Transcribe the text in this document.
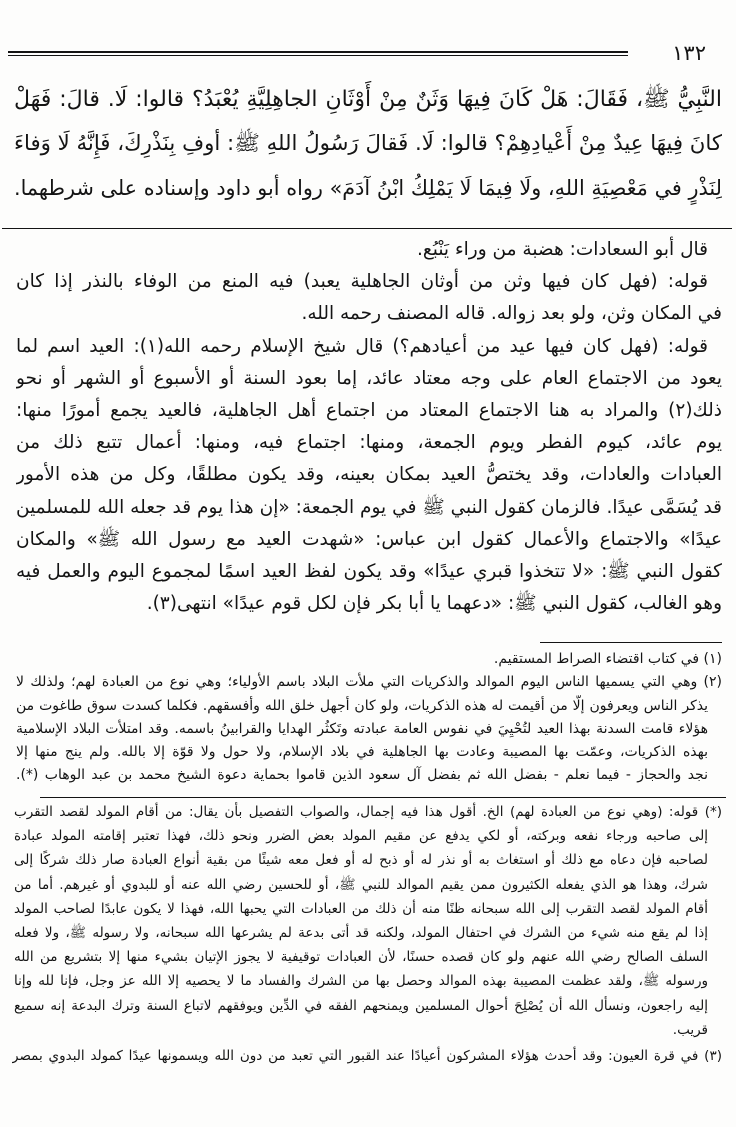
١٣٢
النَّبِيُّ ﷺ، فَقَالَ: هَلْ كَانَ فِيهَا وَثَنٌ مِنْ أَوْثَانِ الجاهِلِيَّةِ يُعْبَدُ؟ قالوا: لَا. قالَ: فَهَلْ
كانَ فِيهَا عِيدٌ مِنْ أَعْيادِهِمْ؟ قالوا: لَا. فَقالَ رَسُولُ اللهِ ﷺ: أوفِ بِنَذْرِكَ، فَإِنَّهُ لَا وَفاءَ
لِنَذْرٍ في مَعْصِيَةِ اللهِ، ولَا فِيمَا لَا يَمْلِكُ ابْنُ آدَمَ» رواه أبو داود وإسناده على شرطهما.
قال أبو السعادات: هضبة من وراء يَنْبُع.
قوله: (فهل كان فيها وثن من أوثان الجاهلية يعبد) فيه المنع من الوفاء بالنذر إذا كان
في المكان وثن، ولو بعد زواله. قاله المصنف رحمه الله.
قوله: (فهل كان فيها عيد من أعيادهم؟) قال شيخ الإسلام رحمه الله(١): العيد اسم لما
يعود من الاجتماع العام على وجه معتاد عائد، إما بعود السنة أو الأسبوع أو الشهر أو نحو
ذلك(٢) والمراد به هنا الاجتماع المعتاد من اجتماع أهل الجاهلية، فالعيد يجمع أمورًا منها:
يوم عائد، كيوم الفطر ويوم الجمعة، ومنها: اجتماع فيه، ومنها: أعمال تتبع ذلك من
العبادات والعادات، وقد يختصُّ العيد بمكان بعينه، وقد يكون مطلقًا، وكل من هذه الأمور
قد يُسَمَّى عيدًا. فالزمان كقول النبي ﷺ في يوم الجمعة: «إن هذا يوم قد جعله الله للمسلمين
عيدًا» والاجتماع والأعمال كقول ابن عباس: «شهدت العيد مع رسول الله ﷺ» والمكان
كقول النبي ﷺ: «لا تتخذوا قبري عيدًا» وقد يكون لفظ العيد اسمًا لمجموع اليوم والعمل فيه
وهو الغالب، كقول النبي ﷺ: «دعهما يا أبا بكر فإن لكل قوم عيدًا» انتهى(٣).
(١) في كتاب اقتضاء الصراط المستقيم.
(٢) وهي التي يسميها الناس اليوم الموالد والذكريات التي ملأت البلاد باسم الأولياء؛ وهي نوع من العبادة لهم؛ ولذلك لا
يذكر الناس ويعرفون إلّا من أقيمت له هذه الذكريات، ولو كان أجهل خلق الله وأفسقهم. فكلما كسدت سوق طاغوت من
هؤلاء قامت السدنة بهذا العيد لتُحْيِيَ في نفوس العامة عبادته وتَكثُر الهدايا والقرابينُ باسمه. وقد امتلأت البلاد الإسلامية
بهذه الذكريات، وعمّت بها المصيبة وعادت بها الجاهلية في بلاد الإسلام، ولا حول ولا قوّة إلا بالله. ولم ينج منها إلا
نجد والحجاز - فيما نعلم - بفضل الله ثم بفضل آل سعود الذين قاموا بحماية دعوة الشيخ محمد بن عبد الوهاب (*).
(*) قوله: (وهي نوع من العبادة لهم) الخ. أقول هذا فيه إجمال، والصواب التفصيل بأن يقال: من أقام المولد لقصد التقرب
إلى صاحبه ورجاء نفعه وبركته، أو لكي يدفع عن مقيم المولد بعض الضرر ونحو ذلك، فهذا تعتبر إقامته المولد عبادة
لصاحبه فإن دعاه مع ذلك أو استغاث به أو نذر له أو ذبح له أو فعل معه شيئًا من بقية أنواع العبادة صار ذلك شركًا إلى
شرك، وهذا هو الذي يفعله الكثيرون ممن يقيم الموالد للنبي ﷺ، أو للحسين رضي الله عنه أو للبدوي أو غيرهم. أما من
أقام المولد لقصد التقرب إلى الله سبحانه ظنًا منه أن ذلك من العبادات التي يحبها الله، فهذا لا يكون عابدًا لصاحب المولد
إذا لم يقع منه شيء من الشرك في احتفال المولد، ولكنه قد أتى بدعة لم يشرعها الله سبحانه، ولا رسوله ﷺ، ولا فعله
السلف الصالح رضي الله عنهم ولو كان قصده حسنًا، لأن العبادات توقيفية لا يجوز الإتيان بشيء منها إلا بتشريع من الله
ورسوله ﷺ، ولقد عظمت المصيبة بهذه الموالد وحصل بها من الشرك والفساد ما لا يحصيه إلا الله عز وجل، فإنا لله وإنا
إليه راجعون، ونسأل الله أن يُصْلِحَ أحوال المسلمين ويمنحهم الفقه في الدِّين ويوفقهم لاتباع السنة وترك البدعة إنه سميع
قريب.
(٣) في قرة العيون: وقد أحدث هؤلاء المشركون أعيادًا عند القبور التي تعبد من دون الله ويسمونها عيدًا كمولد البدوي بمصر
